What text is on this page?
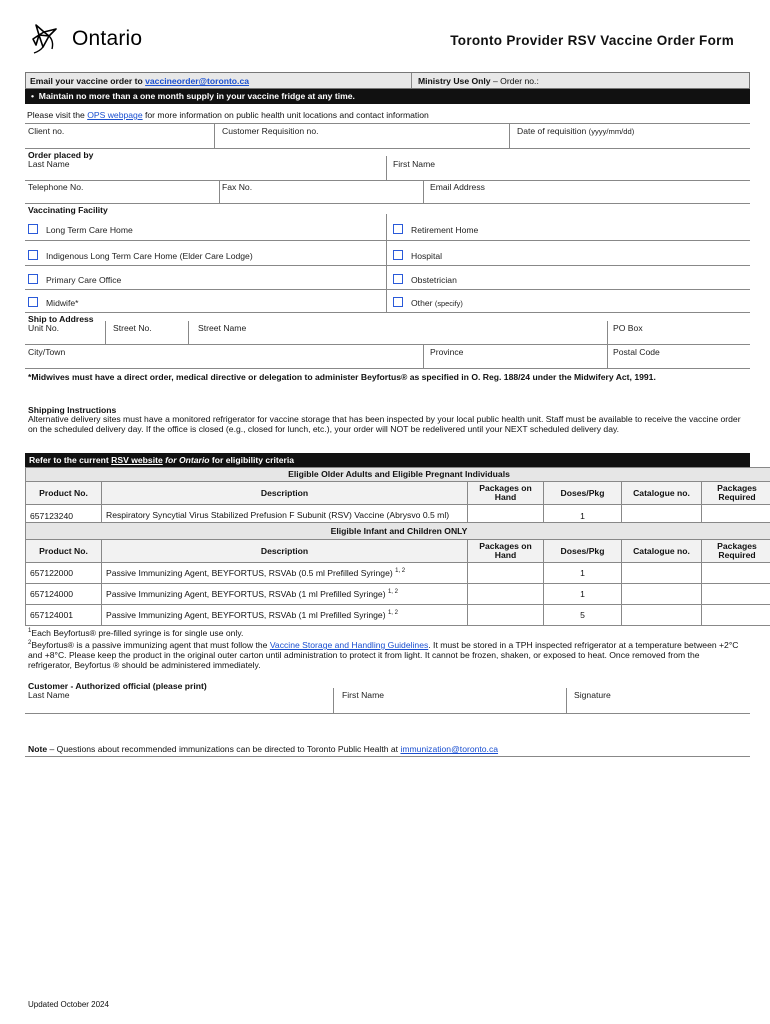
Ontario	Toronto Provider RSV Vaccine Order Form
Email your vaccine order to vaccineorder@toronto.ca	Ministry Use Only – Order no.:
• Maintain no more than a one month supply in your vaccine fridge at any time.
Please visit the OPS webpage for more information on public health unit locations and contact information
Client no.	Customer Requisition no.	Date of requisition (yyyy/mm/dd)
Order placed by
Last Name	First Name
Telephone No.	Fax No.	Email Address
Vaccinating Facility
Long Term Care Home	Retirement Home
Indigenous Long Term Care Home (Elder Care Lodge)	Hospital
Primary Care Office	Obstetrician
Midwife*	Other (specify)
Ship to Address
Unit No.	Street No.	Street Name	PO Box
City/Town	Province	Postal Code
*Midwives must have a direct order, medical directive or delegation to administer Beyfortus® as specified in O. Reg. 188/24 under the Midwifery Act, 1991.
Shipping Instructions
Alternative delivery sites must have a monitored refrigerator for vaccine storage that has been inspected by your local public health unit. Staff must be available to receive the vaccine order on the scheduled delivery day. If the office is closed (e.g., closed for lunch, etc.), your order will NOT be redelivered until your NEXT scheduled delivery day.
Refer to the current RSV website for Ontario for eligibility criteria
Eligible Older Adults and Eligible Pregnant Individuals					
Product No.	Description	Packages on Hand	Doses/Pkg	Catalogue no.	Packages Required
657123240	Respiratory Syncytial Virus Stabilized Prefusion F Subunit (RSV) Vaccine (Abrysvo 0.5 ml)		1		
Eligible Infant and Children ONLY					
Product No.	Description	Packages on Hand	Doses/Pkg	Catalogue no.	Packages Required
657122000	Passive Immunizing Agent, BEYFORTUS, RSVAb (0.5 ml Prefilled Syringe) $^{1, 2}$		1		
657124000	Passive Immunizing Agent, BEYFORTUS, RSVAb (1 ml Prefilled Syringe) $^{1, 2}$		1		
657124001	Passive Immunizing Agent, BEYFORTUS, RSVAb (1 ml Prefilled Syringe) $^{1, 2}$		5		
$^1$Each Beyfortus® pre-filled syringe is for single use only.
$^2$Beyfortus® is a passive immunizing agent that must follow the Vaccine Storage and Handling Guidelines. It must be stored in a TPH inspected refrigerator at a temperature between +2°C and +8°C. Please keep the product in the original outer carton until administration to protect it from light. It cannot be frozen, shaken, or exposed to heat. Once removed from the refrigerator, Beyfortus ® should be administered immediately.
Customer - Authorized official (please print)
Last Name	First Name	Signature
Note – Questions about recommended immunizations can be directed to Toronto Public Health at immunization@toronto.ca
Updated October 2024
